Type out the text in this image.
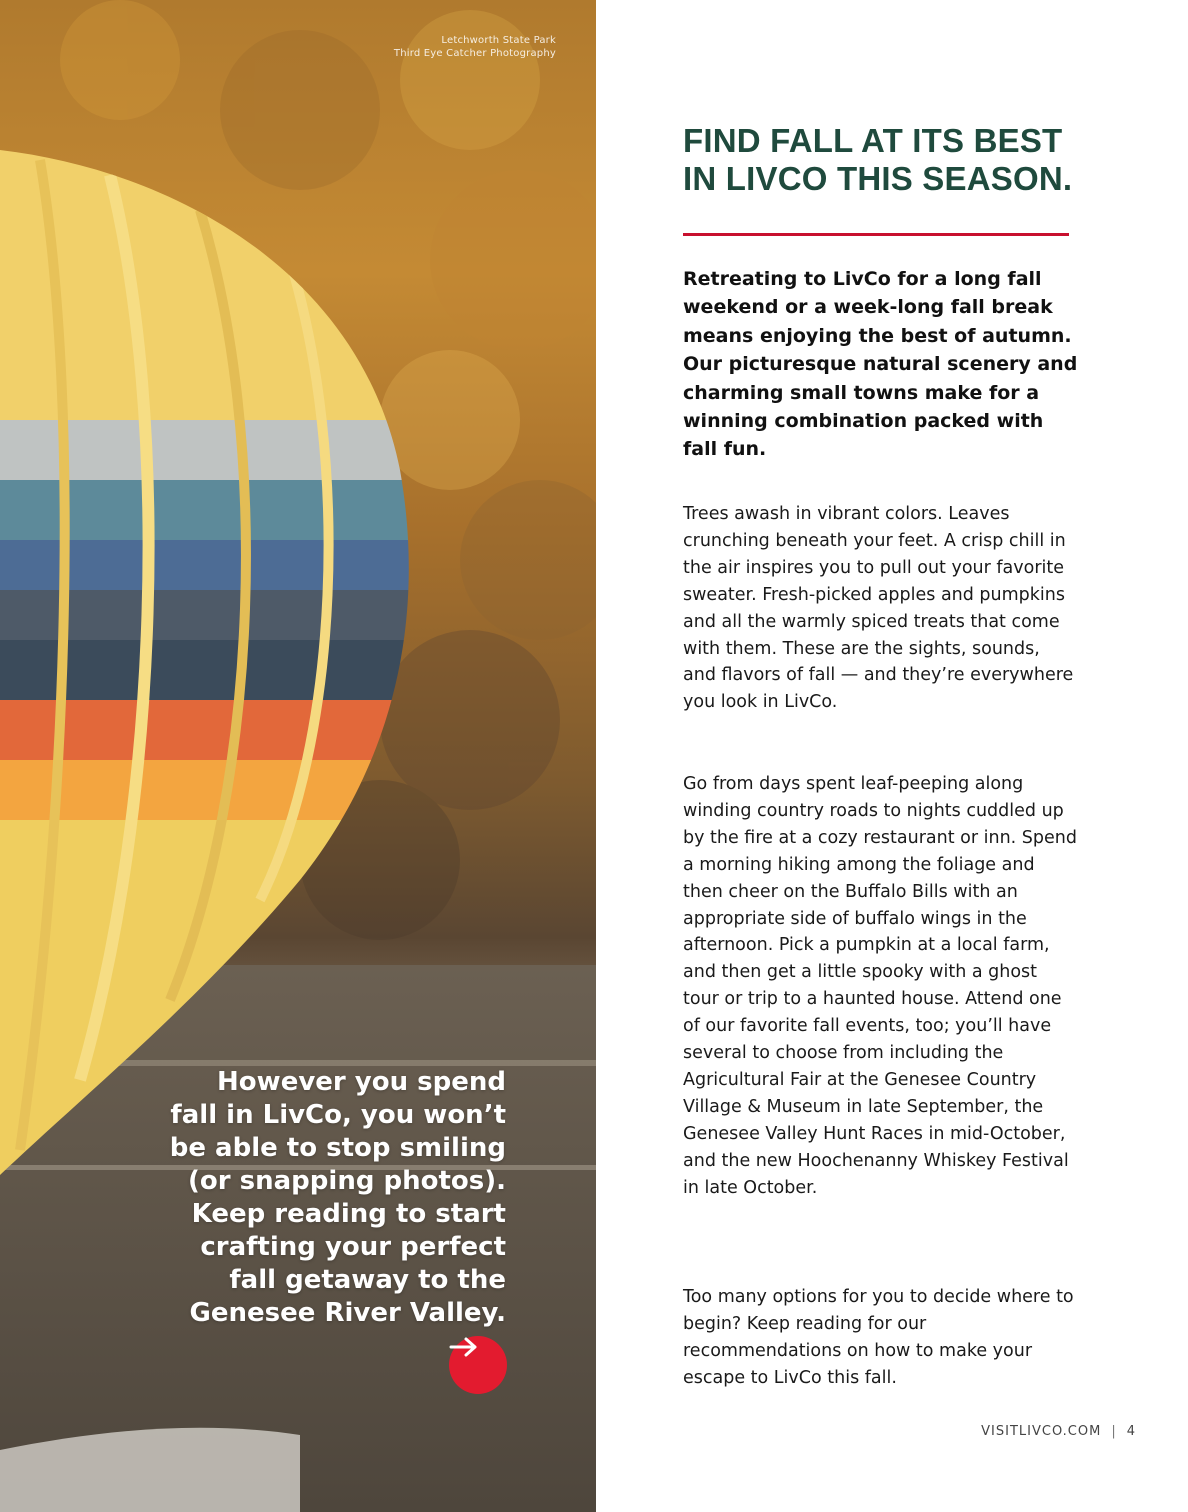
Letchworth State Park
Third Eye Catcher Photography

However you spend fall in LivCo, you won’t be able to stop smiling (or snapping photos). Keep reading to start crafting your perfect fall getaway to the Genesee River Valley.

FIND FALL AT ITS BEST IN LIVCO THIS SEASON.

Retreating to LivCo for a long fall weekend or a week-long fall break means enjoying the best of autumn. Our picturesque natural scenery and charming small towns make for a winning combination packed with fall fun.

Trees awash in vibrant colors. Leaves crunching beneath your feet. A crisp chill in the air inspires you to pull out your favorite sweater. Fresh-picked apples and pumpkins and all the warmly spiced treats that come with them. These are the sights, sounds, and flavors of fall — and they’re everywhere you look in LivCo.

Go from days spent leaf-peeping along winding country roads to nights cuddled up by the fire at a cozy restaurant or inn. Spend a morning hiking among the foliage and then cheer on the Buffalo Bills with an appropriate side of buffalo wings in the afternoon. Pick a pumpkin at a local farm, and then get a little spooky with a ghost tour or trip to a haunted house. Attend one of our favorite fall events, too; you’ll have several to choose from including the Agricultural Fair at the Genesee Country Village & Museum in late September, the Genesee Valley Hunt Races in mid-October, and the new Hoochenanny Whiskey Festival in late October.

Too many options for you to decide where to begin? Keep reading for our recommendations on how to make your escape to LivCo this fall.

VISITLIVCO.COM | 4
